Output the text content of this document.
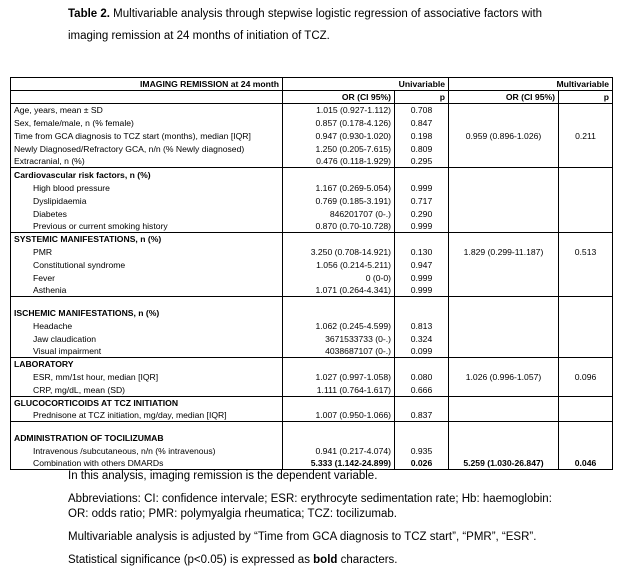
Table 2. Multivariable analysis through stepwise logistic regression of associative factors with imaging remission at 24 months of initiation of TCZ.
IMAGING REMISSION at 24 month	Univariable		Multivariable	
	OR (CI 95%)	p	OR (CI 95%)	p
Age, years, mean ± SD	1.015 (0.927-1.112)	0.708		
Sex, female/male, n (% female)	0.857 (0.178-4.126)	0.847		
Time from GCA diagnosis to TCZ start (months), median [IQR]	0.947 (0.930-1.020)	0.198	0.959 (0.896-1.026)	0.211
Newly Diagnosed/Refractory GCA, n/n (% Newly diagnosed)	1.250 (0.205-7.615)	0.809		
Extracranial, n (%)	0.476 (0.118-1.929)	0.295		
Cardiovascular risk factors, n (%)				
High blood pressure	1.167 (0.269-5.054)	0.999		
Dyslipidaemia	0.769 (0.185-3.191)	0.717		
Diabetes	846201707 (0-.)	0.290		
Previous or current smoking history	0.870 (0.70-10.728)	0.999		
SYSTEMIC MANIFESTATIONS, n (%)				
PMR	3.250 (0.708-14.921)	0.130	1.829 (0.299-11.187)	0.513
Constitutional syndrome	1.056 (0.214-5.211)	0.947		
Fever	0 (0-0)	0.999		
Asthenia	1.071 (0.264-4.341)	0.999		

ISCHEMIC MANIFESTATIONS, n (%)				
Headache	1.062 (0.245-4.599)	0.813		
Jaw claudication	3671533733 (0-.)	0.324		
Visual impairment	4038687107 (0-.)	0.099		
LABORATORY				
ESR, mm/1st hour, median [IQR]	1.027 (0.997-1.058)	0.080	1.026 (0.996-1.057)	0.096
CRP, mg/dL, mean (SD)	1.111 (0.764-1.617)	0.666		
GLUCOCORTICOIDS AT TCZ INITIATION				
Prednisone at TCZ initiation, mg/day, median [IQR]	1.007 (0.950-1.066)	0.837		

ADMINISTRATION OF TOCILIZUMAB				
Intravenous /subcutaneous, n/n (% intravenous)	0.941 (0.217-4.074)	0.935		
Combination with others DMARDs	5.333 (1.142-24.899)	0.026	5.259 (1.030-26.847)	0.046

In this analysis, imaging remission is the dependent variable.

Abbreviations: CI: confidence intervale; ESR: erythrocyte sedimentation rate; Hb: haemoglobin: OR: odds ratio; PMR: polymyalgia rheumatica; TCZ: tocilizumab.

Multivariable analysis is adjusted by “Time from GCA diagnosis to TCZ start”, “PMR”, “ESR”.

Statistical significance (p<0.05) is expressed as bold characters.
